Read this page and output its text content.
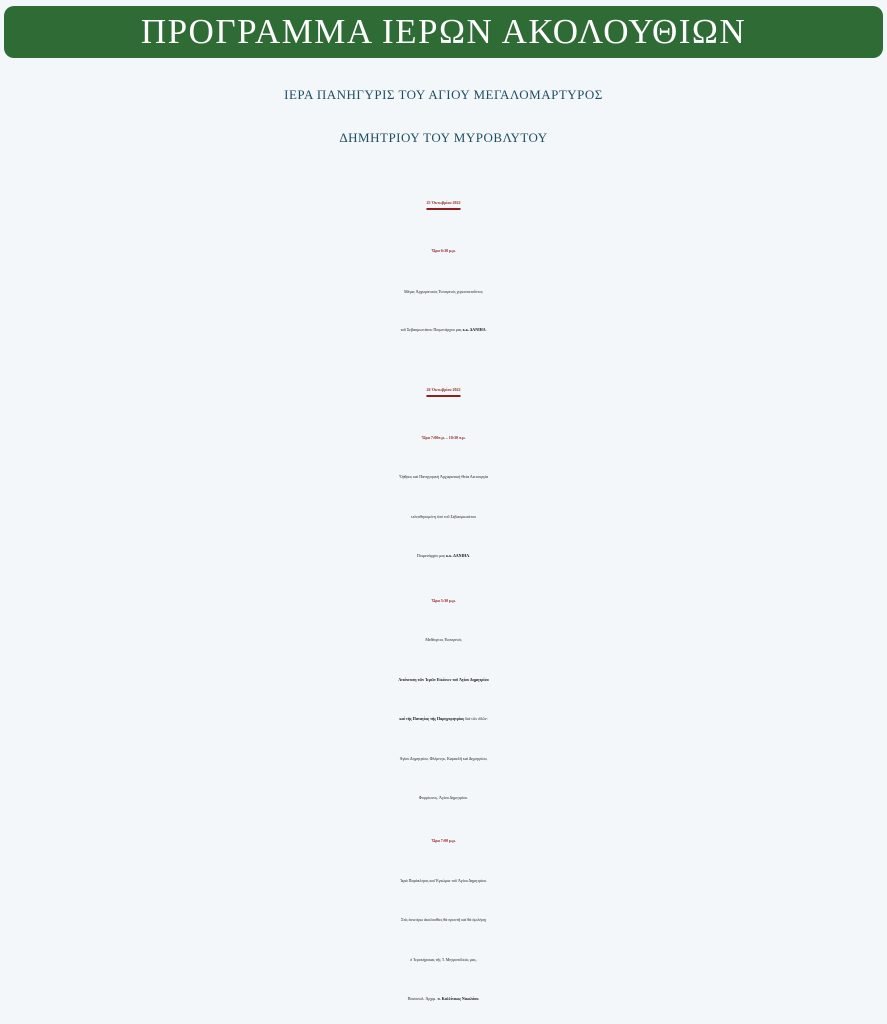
ΠΡΟΓΡΑΜΜΑ ΙΕΡΩΝ ΑΚΟΛΟΥΘΙΩΝ
ΙΕΡΑ ΠΑΝΗΓΥΡΙΣ ΤΟΥ ΑΓΙΟΥ ΜΕΓΑΛΟΜΑΡΤΥΡΟΣ
ΔΗΜΗΤΡΙΟΥ ΤΟΥ ΜΥΡΟΒΛΥΤΟΥ
25 Ὀκτωβρίου 2022
Ὥρα 6:30 μ.μ.
Μέγας Ἀρχιερατικός Ἑσπερινός χοροστατοῦντος
τοῦ Σεβασμιωτάτου Ποιμενάρχου μας κ.κ. ΔΑΝΙΗΛ.
26 Ὀκτωβρίου 2022
Ὥρα 7:00π.μ. – 10:30 π.μ.
Ὄρθρος καί Πανηγυρική Ἀρχιερατική Θεία Λειτουργία
τελεσθησομένη ὑπό τοῦ Σεβασμιωτάτου
Ποιμενάρχου μας κ.κ. ΔΑΝΙΗΛ.
Ὥρα 5:30 μ.μ.
Μεθέορτος Ἑσπερινός
Λιτάνευση τῶν Ἱερῶν Εἰκόνων τοῦ Ἁγίου Δημητρίου
καί τῆς Παναγίας τῆς Παρηγορητρίας διά τῶν ὁδῶν:
Ἁγίου Δημητρίου, Φλέμινγκ, Καραολῆ καί Δημητρίου,
Φορμίωνος, Ἁγίου Δημητρίου.
Ὥρα 7:00 μ.μ.
Ἱερά Παράκλησις καί Ἐγκώμια τοῦ Ἁγίου Δημητρίου.
Στίς ἀνωτέρω ἀκολουθίες θά προστῆ καί θά ὁμιλήσῃ
ὁ Ἱεροκήρυκας τῆς Ἱ. Μητροπόλεώς μας,
Πανοσιολ. Ἀρχιμ. π. Καλλίνικος Νικολάου.
